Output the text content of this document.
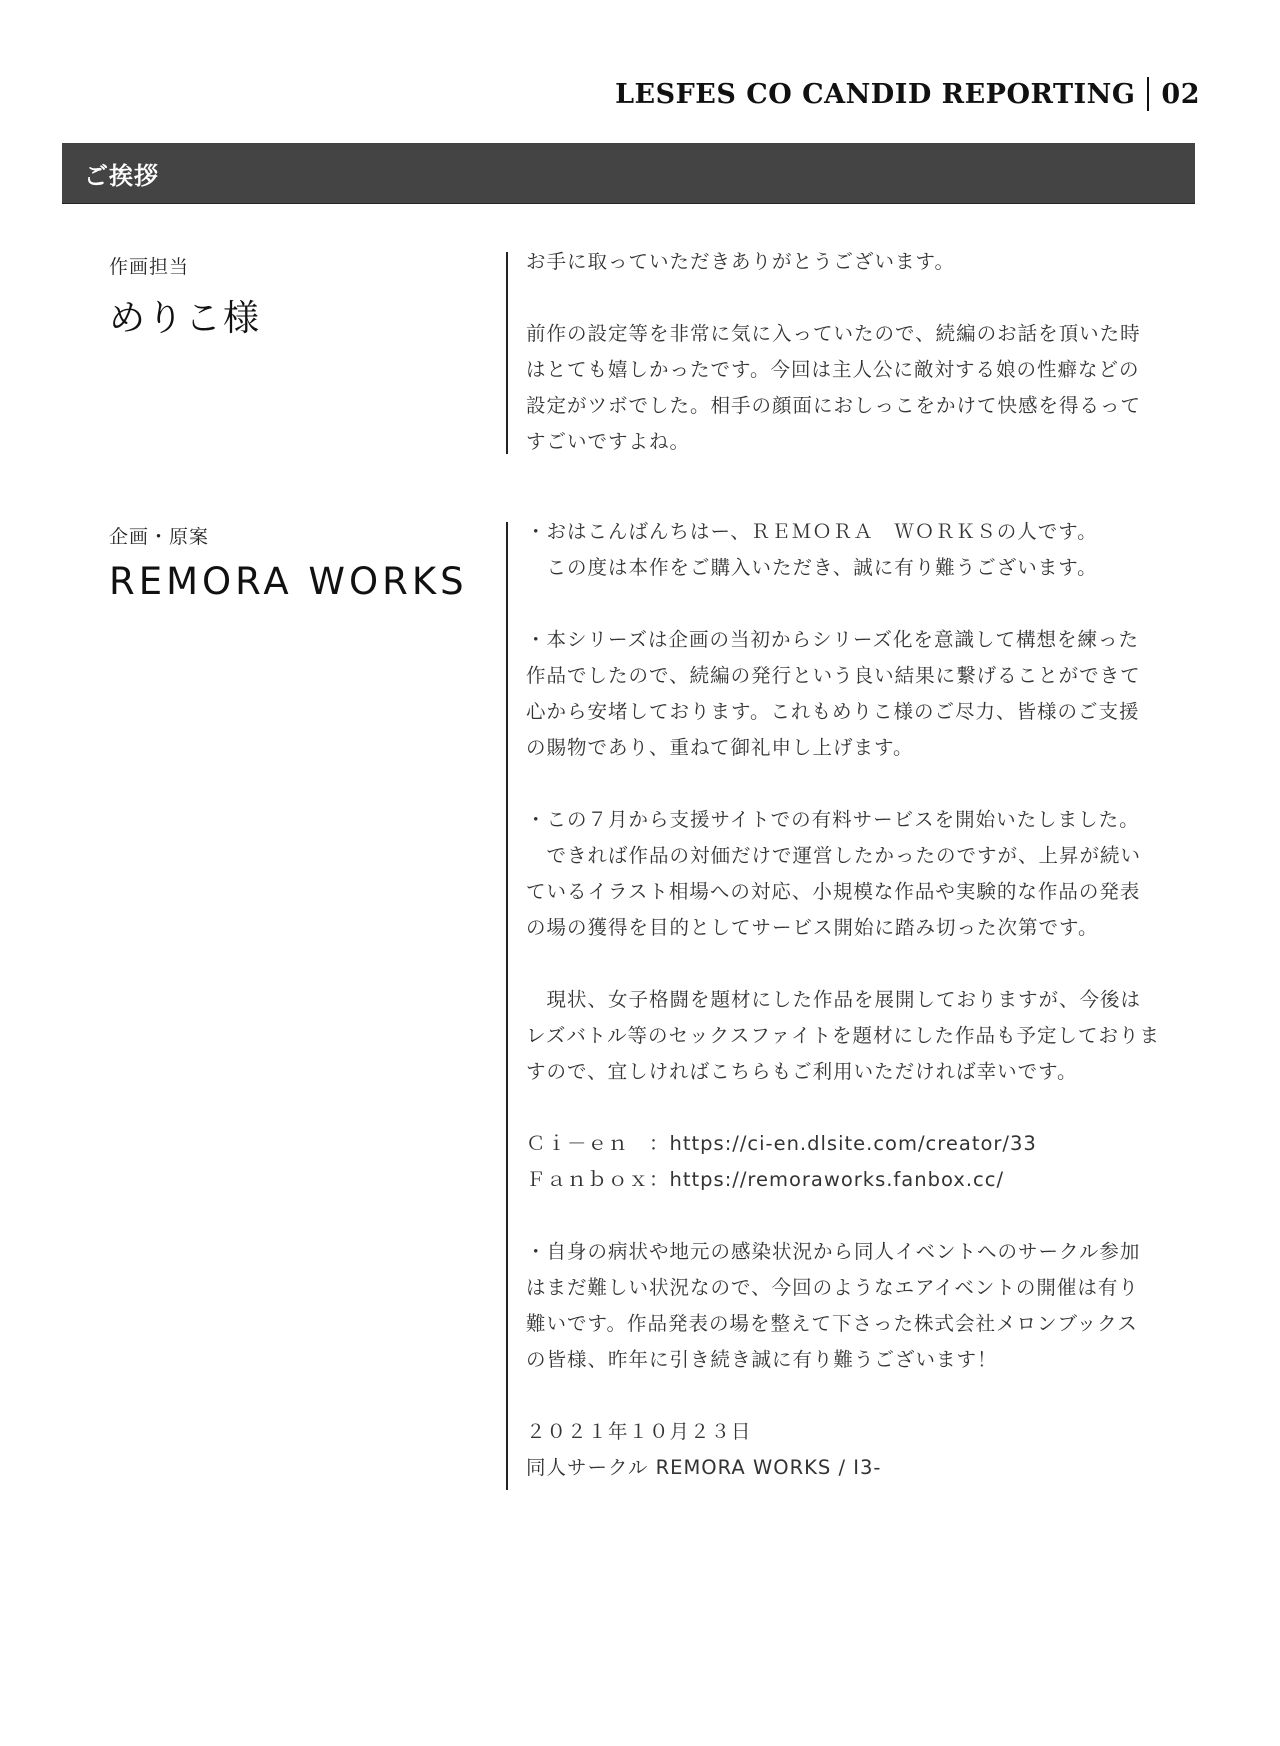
LESFES CO CANDID REPORTING 02
ご挨拶
作画担当
めりこ様

お手に取っていただきありがとうございます。

前作の設定等を非常に気に入っていたので、続編のお話を頂いた時

はとても嬉しかったです。今回は主人公に敵対する娘の性癖などの

設定がツボでした。相手の顔面におしっこをかけて快感を得るって

すごいですよね。

企画・原案
REMORA WORKS

・おはこんばんちはー、ＲＥＭＯＲＡ　ＷＯＲＫＳの人です。

　この度は本作をご購入いただき、誠に有り難うございます。

・本シリーズは企画の当初からシリーズ化を意識して構想を練った

作品でしたので、続編の発行という良い結果に繋げることができて

心から安堵しております。これもめりこ様のご尽力、皆様のご支援

の賜物であり、重ねて御礼申し上げます。

・この７月から支援サイトでの有料サービスを開始いたしました。

　できれば作品の対価だけで運営したかったのですが、上昇が続い

ているイラスト相場への対応、小規模な作品や実験的な作品の発表

の場の獲得を目的としてサービス開始に踏み切った次第です。

　現状、女子格闘を題材にした作品を展開しておりますが、今後は

レズバトル等のセックスファイトを題材にした作品も予定しておりま

すので、宜しければこちらもご利用いただければ幸いです。

Ｃｉ－ｅｎ　：https://ci-en.dlsite.com/creator/33

Ｆａｎｂｏｘ：https://remoraworks.fanbox.cc/

・自身の病状や地元の感染状況から同人イベントへのサークル参加

はまだ難しい状況なので、今回のようなエアイベントの開催は有り

難いです。作品発表の場を整えて下さった株式会社メロンブックス

の皆様、昨年に引き続き誠に有り難うございます！

２０２１年１０月２３日

同人サークル REMORA WORKS / I3-
